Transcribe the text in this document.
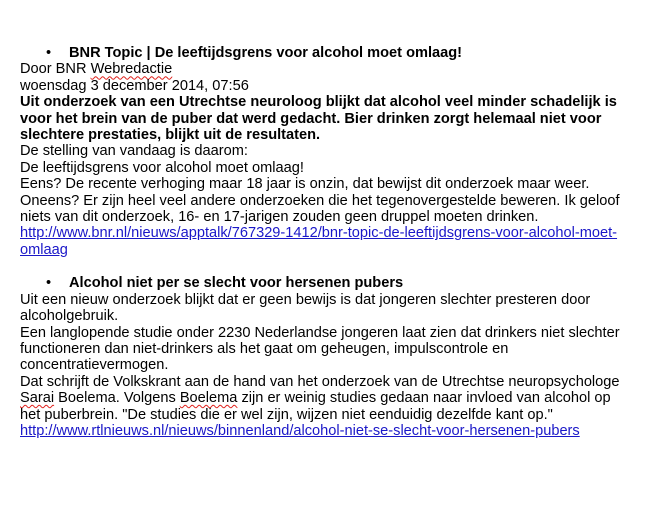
• BNR Topic | De leeftijdsgrens voor alcohol moet omlaag!
Door BNR Webredactie
woensdag 3 december 2014, 07:56
Uit onderzoek van een Utrechtse neuroloog blijkt dat alcohol veel minder schadelijk is
voor het brein van de puber dat werd gedacht. Bier drinken zorgt helemaal niet voor
slechtere prestaties, blijkt uit de resultaten.
De stelling van vandaag is daarom:
De leeftijdsgrens voor alcohol moet omlaag!
Eens? De recente verhoging maar 18 jaar is onzin, dat bewijst dit onderzoek maar weer.
Oneens? Er zijn heel veel andere onderzoeken die het tegenovergestelde beweren. Ik geloof
niets van dit onderzoek, 16- en 17-jarigen zouden geen druppel moeten drinken.
http://www.bnr.nl/nieuws/apptalk/767329-1412/bnr-topic-de-leeftijdsgrens-voor-alcohol-moet-
omlaag
• Alcohol niet per se slecht voor hersenen pubers
Uit een nieuw onderzoek blijkt dat er geen bewijs is dat jongeren slechter presteren door
alcoholgebruik.
Een langlopende studie onder 2230 Nederlandse jongeren laat zien dat drinkers niet slechter
functioneren dan niet-drinkers als het gaat om geheugen, impulscontrole en
concentratievermogen.
Dat schrijft de Volkskrant aan de hand van het onderzoek van de Utrechtse neuropsychologe
Sarai Boelema. Volgens Boelema zijn er weinig studies gedaan naar invloed van alcohol op
het puberbrein. "De studies die er wel zijn, wijzen niet eenduidig dezelfde kant op."
http://www.rtlnieuws.nl/nieuws/binnenland/alcohol-niet-se-slecht-voor-hersenen-pubers
